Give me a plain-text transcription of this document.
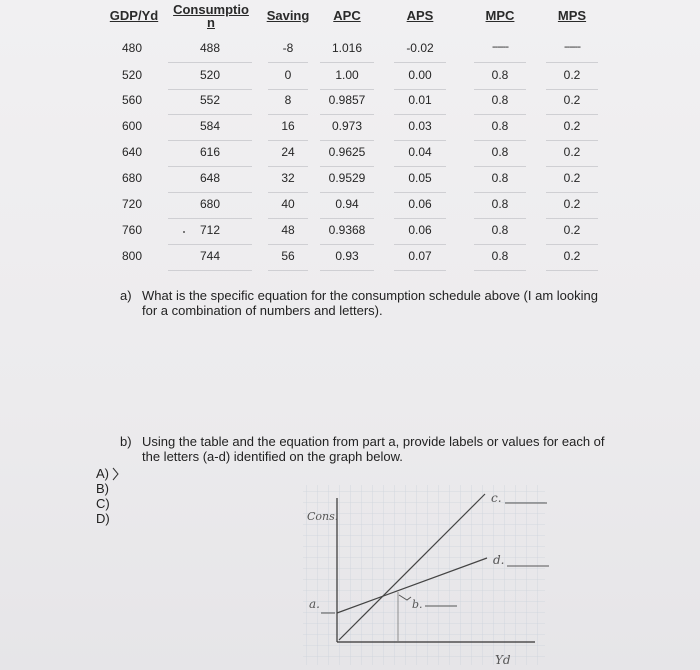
GDP/Yd Consumptio
n	Saving	APC	APS	MPC	MPS
480	488	-8	1.016	-0.02	------	------
520	520	0	1.00	0.00	0.8	0.2
560	552	8	0.9857	0.01	0.8	0.2
600	584	16	0.973	0.03	0.8	0.2
640	616	24	0.9625	0.04	0.8	0.2
680	648	32	0.9529	0.05	0.8	0.2
720	680	40	0.94	0.06	0.8	0.2
760	712	48	0.9368	0.06	0.8	0.2
800	744	56	0.93	0.07	0.8	0.2
a) What is the specific equation for the consumption schedule above (I am looking for a combination of numbers and letters).
b) Using the table and the equation from part a, provide labels or values for each of the letters (a-d) identified on the graph below.
A)
B)
C)
D)	Cons.
a.	b.
c.
d.
Yd
